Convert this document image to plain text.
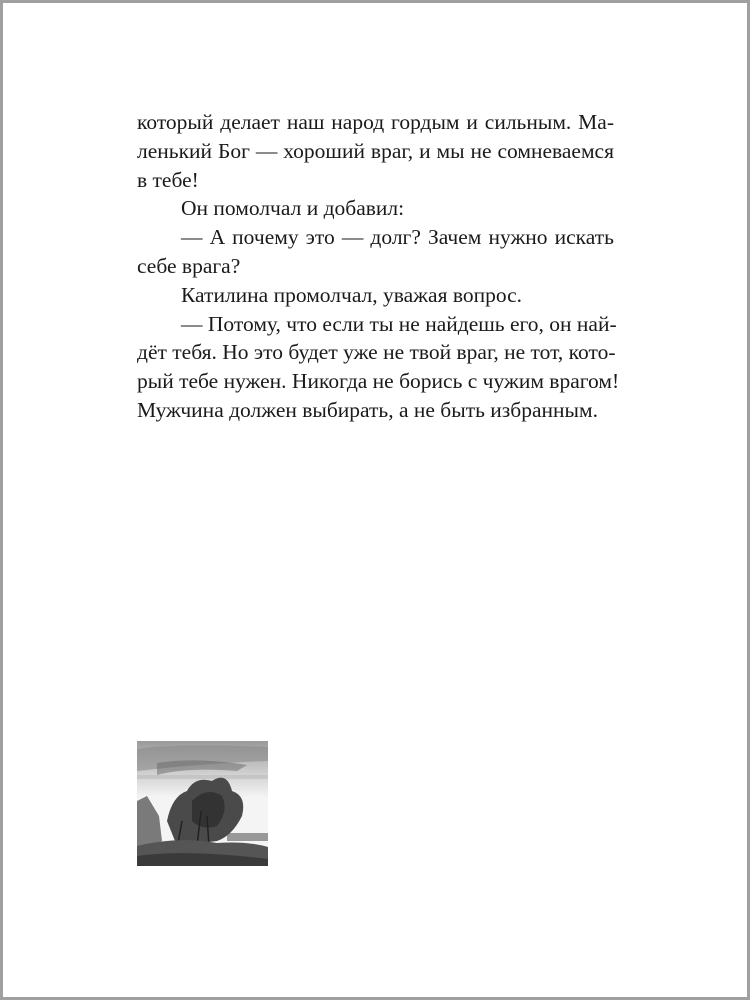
который делает наш народ гордым и сильным. Ма-
ленький Бог — хороший враг, и мы не сомневаемся
в тебе!
Он помолчал и добавил:
— А почему это — долг? Зачем нужно искать
себе врага?
Катилина промолчал, уважая вопрос.
— Потому, что если ты не найдешь его, он най-
дёт тебя. Но это будет уже не твой враг, не тот, кото-
рый тебе нужен. Никогда не борись с чужим врагом!
Мужчина должен выбирать, а не быть избранным.
